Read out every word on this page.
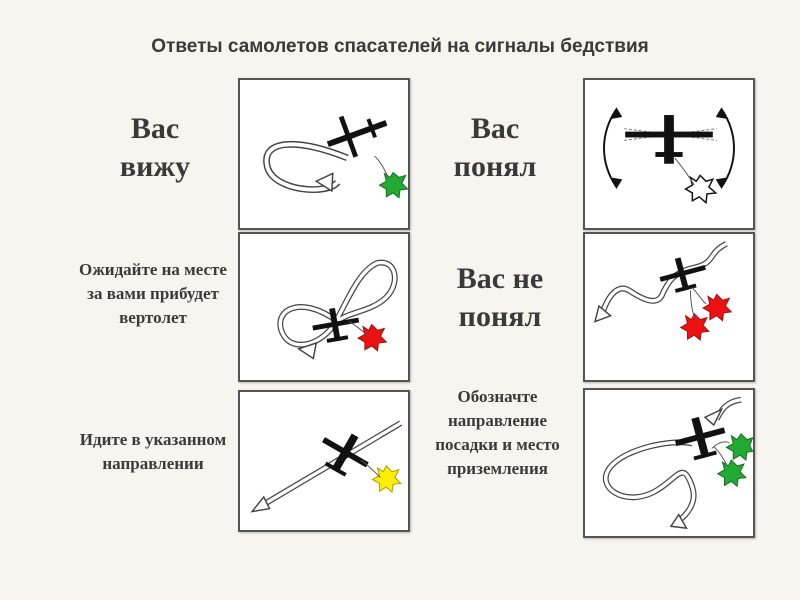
Ответы самолетов спасателей на сигналы бедствия
Вас вижу
Ожидайте на месте за вами прибудет вертолет
Идите в указанном направлении
Вас понял
Вас не понял
Обозначте направление посадки и место приземления
